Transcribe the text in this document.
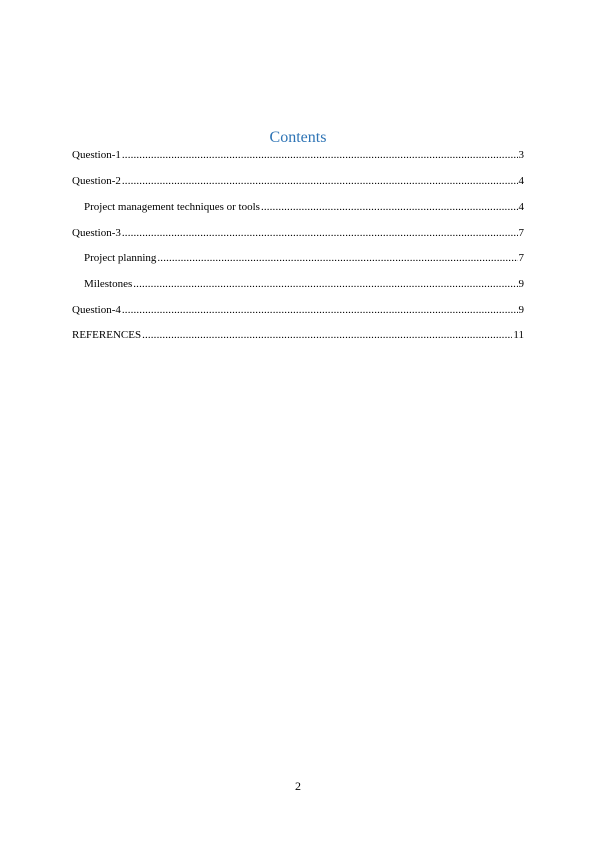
Contents
Question-1 .....	3
Question-2 .....	4
Project management techniques or tools .....	4
Question-3 .....	7
Project planning .....	7
Milestones .....	9
Question-4 .....	9
REFERENCES .....	11
2
